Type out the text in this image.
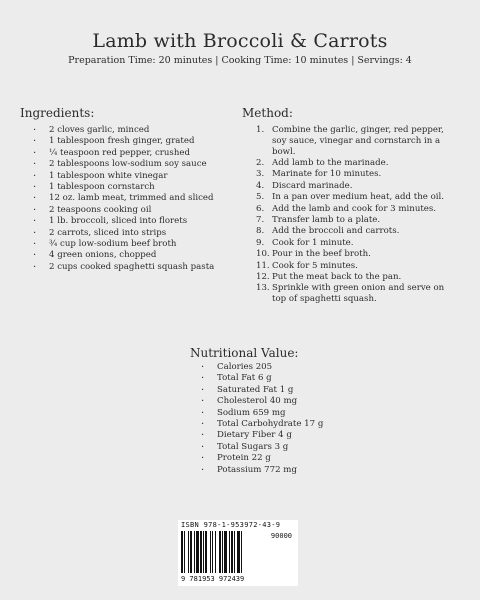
Lamb with Broccoli & Carrots
Preparation Time: 20 minutes | Cooking Time: 10 minutes | Servings: 4
Ingredients:
· 2 cloves garlic, minced
· 1 tablespoon fresh ginger, grated
· ¼ teaspoon red pepper, crushed
· 2 tablespoons low-sodium soy sauce
· 1 tablespoon white vinegar
· 1 tablespoon cornstarch
· 12 oz. lamb meat, trimmed and sliced
· 2 teaspoons cooking oil
· 1 lb. broccoli, sliced into florets
· 2 carrots, sliced into strips
· ¾ cup low-sodium beef broth
· 4 green onions, chopped
· 2 cups cooked spaghetti squash pasta
Method:
1. Combine the garlic, ginger, red pepper, soy sauce, vinegar and cornstarch in a bowl.
2. Add lamb to the marinade.
3. Marinate for 10 minutes.
4. Discard marinade.
5. In a pan over medium heat, add the oil.
6. Add the lamb and cook for 3 minutes.
7. Transfer lamb to a plate.
8. Add the broccoli and carrots.
9. Cook for 1 minute.
10. Pour in the beef broth.
11. Cook for 5 minutes.
12. Put the meat back to the pan.
13. Sprinkle with green onion and serve on top of spaghetti squash.
Nutritional Value:
· Calories 205
· Total Fat 6 g
· Saturated Fat 1 g
· Cholesterol 40 mg
· Sodium 659 mg
· Total Carbohydrate 17 g
· Dietary Fiber 4 g
· Total Sugars 3 g
· Protein 22 g
· Potassium 772 mg
ISBN 978-1-953972-43-9
90000
9 781953 972439
